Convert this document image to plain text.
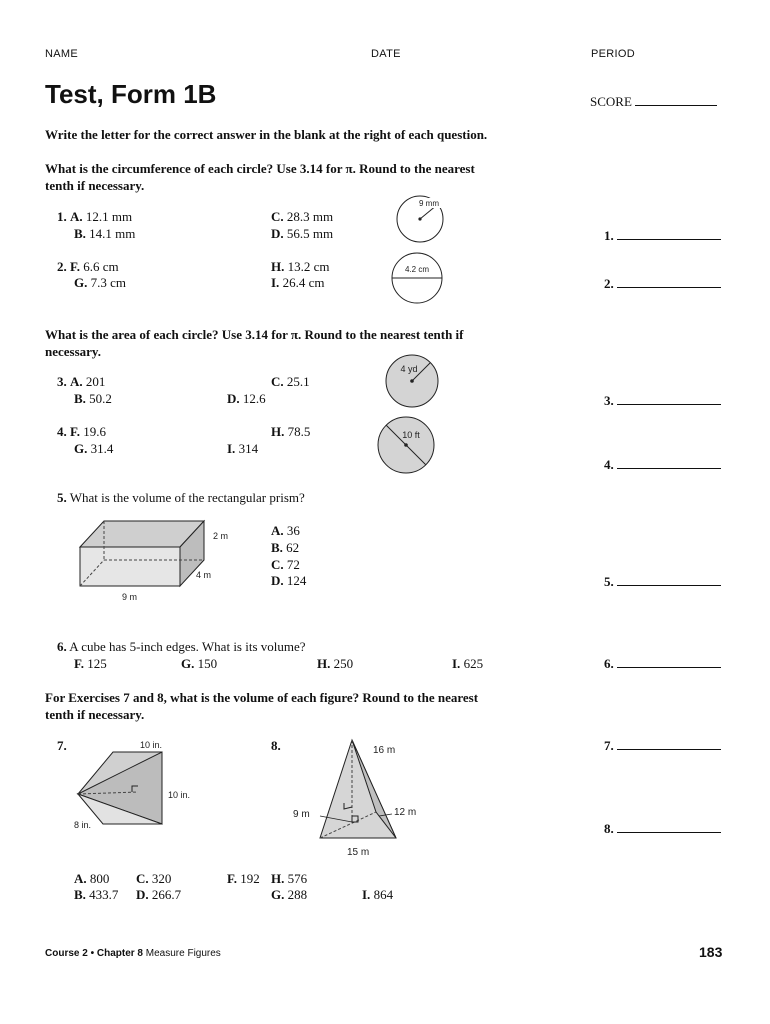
NAME	DATE	PERIOD
Test, Form 1B	SCORE
Write the letter for the correct answer in the blank at the right of each question.
What is the circumference of each circle? Use 3.14 for π. Round to the nearest
tenth if necessary.
1. A. 12.1 mm
B. 14.1 mm
C. 28.3 mm
D. 56.5 mm
9 mm
1.
2. F. 6.6 cm
G. 7.3 cm
H. 13.2 cm
I. 26.4 cm
4.2 cm
2.
What is the area of each circle? Use 3.14 for π. Round to the nearest tenth if
necessary.
3. A. 201
B. 50.2
C. 25.1
D. 12.6
4 yd
3.
4. F. 19.6
G. 31.4
H. 78.5
I. 314
10 ft
4.
5. What is the volume of the rectangular prism?
2 m
4 m
9 m
A. 36
B. 62
C. 72
D. 124	5.
6. A cube has 5-inch edges. What is its volume?
F. 125	G. 150	H. 250	I. 625	6.
For Exercises 7 and 8, what is the volume of each figure? Round to the nearest
tenth if necessary.
7.	10 in.
10 in.
8 in.
A. 800
B. 433.7
C. 320
D. 266.7
7.
8.	16 m
9 m	12 m
15 m
F. 192
G. 288
H. 576
I. 864
8.
Course 2 • Chapter 8 Measure Figures	183
